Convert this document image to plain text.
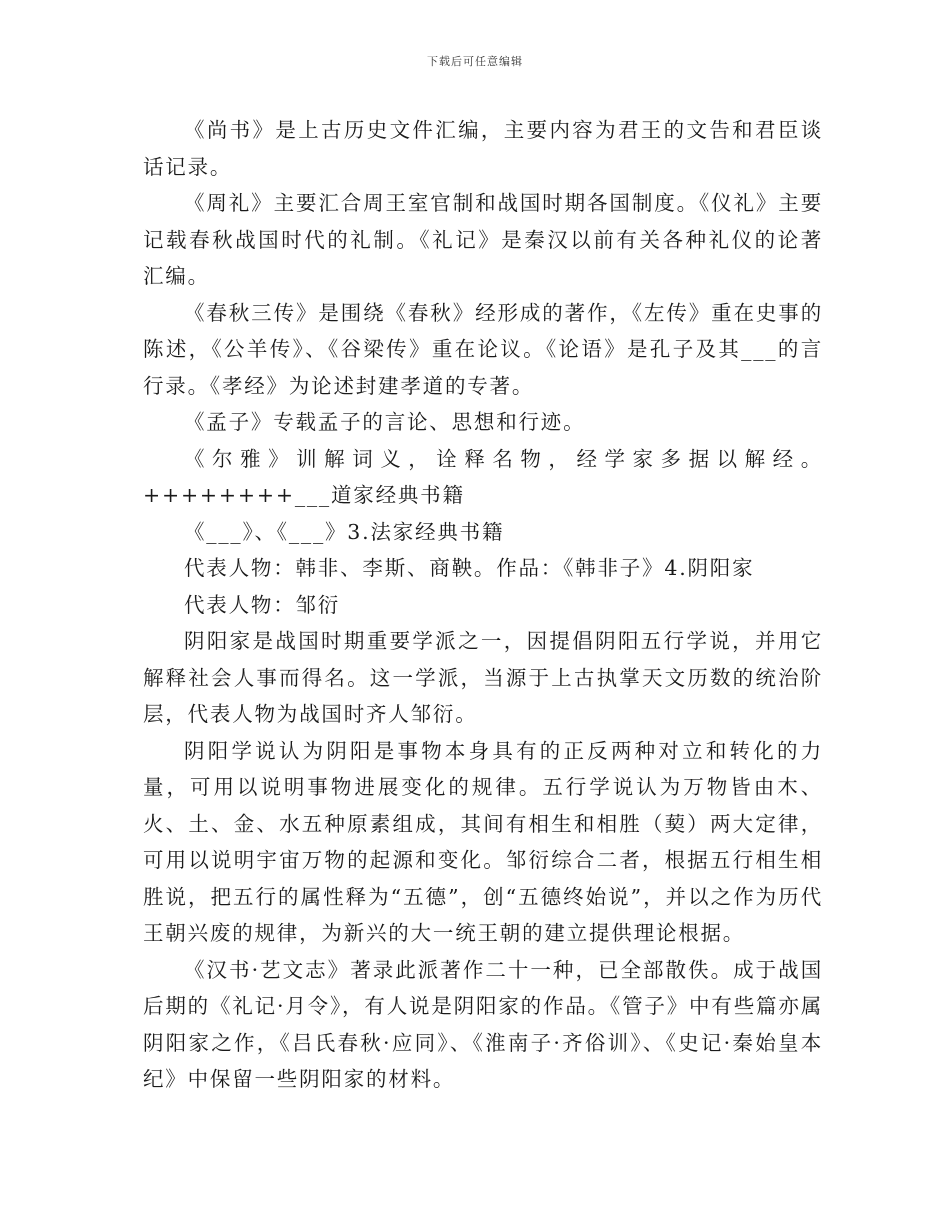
下载后可任意编辑

《尚书》是上古历史文件汇编，主要内容为君王的文告和君臣谈话记录。

《周礼》主要汇合周王室官制和战国时期各国制度。《仪礼》主要记载春秋战国时代的礼制。《礼记》是秦汉以前有关各种礼仪的论著汇编。

《春秋三传》是围绕《春秋》经形成的著作，《左传》重在史事的陈述，《公羊传》、《谷梁传》重在论议。《论语》是孔子及其___的言行录。《孝经》为论述封建孝道的专著。

《孟子》专载孟子的言论、思想和行迹。

《尔雅》训解词义，诠释名物，经学家多据以解经。++++++++___道家经典书籍

《___》、《___》3.法家经典书籍

代表人物：韩非、李斯、商鞅。作品：《韩非子》4.阴阳家

代表人物：邹衍

阴阳家是战国时期重要学派之一，因提倡阴阳五行学说，并用它解释社会人事而得名。这一学派，当源于上古执掌天文历数的统治阶层，代表人物为战国时齐人邹衍。

阴阳学说认为阴阳是事物本身具有的正反两种对立和转化的力量，可用以说明事物进展变化的规律。五行学说认为万物皆由木、火、土、金、水五种原素组成，其间有相生和相胜（葜）两大定律，可用以说明宇宙万物的起源和变化。邹衍综合二者，根据五行相生相胜说，把五行的属性释为“五德”，创“五德终始说”，并以之作为历代王朝兴废的规律，为新兴的大一统王朝的建立提供理论根据。

《汉书·艺文志》著录此派著作二十一种，已全部散佚。成于战国后期的《礼记·月令》，有人说是阴阳家的作品。《管子》中有些篇亦属阴阳家之作，《吕氏春秋·应同》、《淮南子·齐俗训》、《史记·秦始皇本纪》中保留一些阴阳家的材料。
